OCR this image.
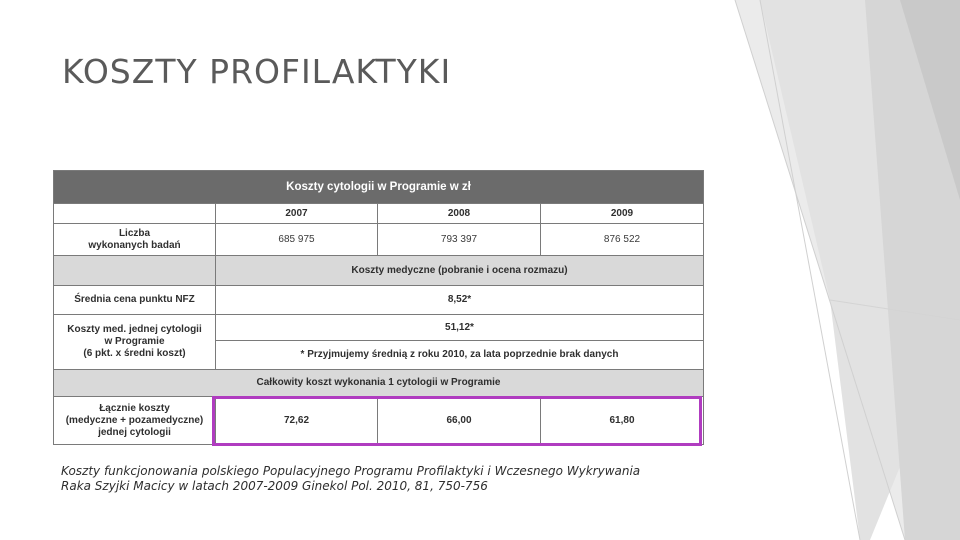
KOSZTY PROFILAKTYKI
Koszty cytologii w Programie w zł			
	2007	2008	2009

Liczba
wykonanych badań	685 975	793 397	876 522
	Koszty medyczne (pobranie i ocena rozmazu)		
Średnia cena punktu NFZ	8,52*		

Koszty med. jednej cytologii
w Programie
(6 pkt. x średni koszt)	51,12*		
	* Przyjmujemy średnią z roku 2010, za lata poprzednie brak danych		
Całkowity koszt wykonania 1 cytologii w Programie			

Łącznie koszty
(medyczne + pozamedyczne)
jednej cytologii	72,62	66,00	61,80
Koszty funkcjonowania polskiego Populacyjnego Programu Profilaktyki i Wczesnego Wykrywania
Raka Szyjki Macicy w latach 2007-2009 Ginekol Pol. 2010, 81, 750-756
